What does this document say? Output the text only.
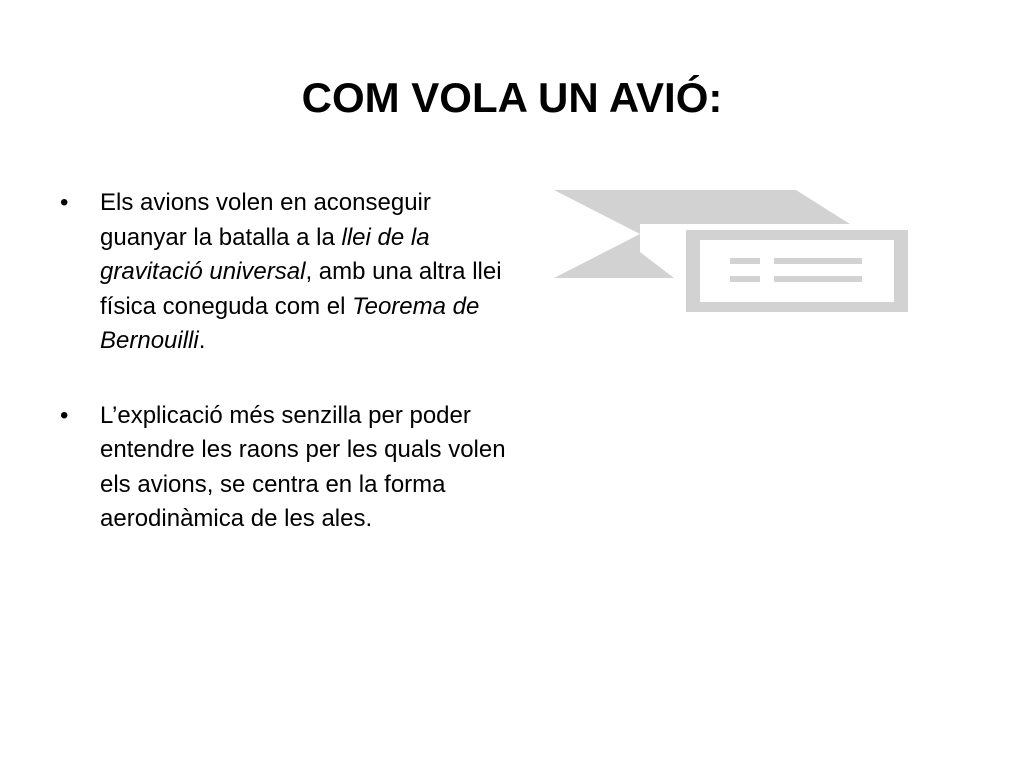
COM VOLA UN AVIÓ:
• Els avions volen en aconseguir guanyar la batalla a la llei de la gravitació universal, amb una altra llei física coneguda com el Teorema de Bernouilli.
• L’explicació més senzilla per poder entendre les raons per les quals volen els avions, se centra en la forma aerodinàmica de les ales.
